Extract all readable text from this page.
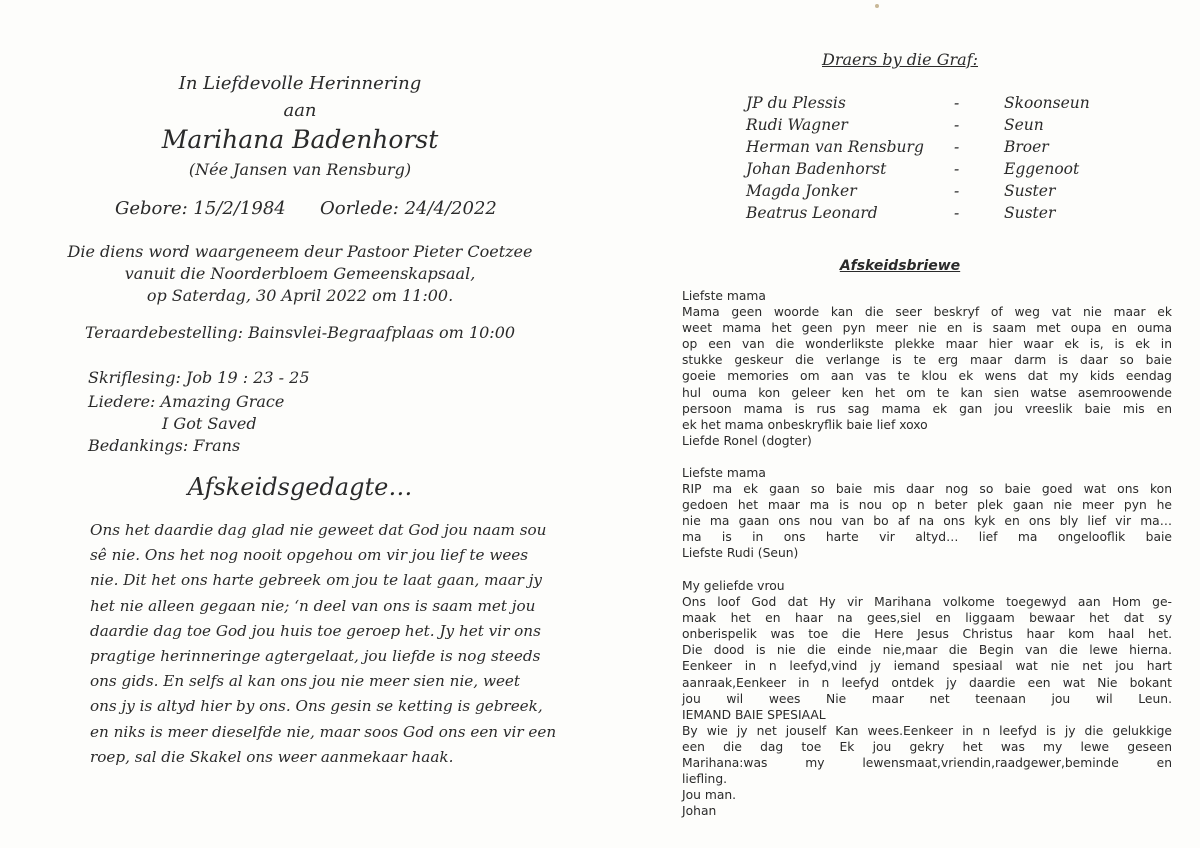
In Liefdevolle Herinnering
aan
Marihana Badenhorst
(Née Jansen van Rensburg)
Gebore: 15/2/1984 Oorlede: 24/4/2022
Die diens word waargeneem deur Pastoor Pieter Coetzee
vanuit die Noorderbloem Gemeenskapsaal,
op Saterdag, 30 April 2022 om 11:00.
Teraardebestelling: Bainsvlei-Begraafplaas om 10:00
Skriflesing: Job 19 : 23 - 25
Liedere: Amazing Grace
I Got Saved
Bedankings: Frans
Afskeidsgedagte…
Ons het daardie dag glad nie geweet dat God jou naam sou
sê nie. Ons het nog nooit opgehou om vir jou lief te wees
nie. Dit het ons harte gebreek om jou te laat gaan, maar jy
het nie alleen gegaan nie; ‘n deel van ons is saam met jou
daardie dag toe God jou huis toe geroep het. Jy het vir ons
pragtige herinneringe agtergelaat, jou liefde is nog steeds
ons gids. En selfs al kan ons jou nie meer sien nie, weet
ons jy is altyd hier by ons. Ons gesin se ketting is gebreek,
en niks is meer dieselfde nie, maar soos God ons een vir een
roep, sal die Skakel ons weer aanmekaar haak.
Draers by die Graf:
JP du Plessis	-	Skoonseun
Rudi Wagner	-	Seun
Herman van Rensburg -	Broer
Johan Badenhorst	-	Eggenoot
Magda Jonker	-	Suster
Beatrus Leonard	-	Suster
Afskeidsbriewe
Liefste mama
Mama geen woorde kan die seer beskryf of weg vat nie maar ek
weet mama het geen pyn meer nie en is saam met oupa en ouma
op een van die wonderlikste plekke maar hier waar ek is, is ek in
stukke geskeur die verlange is te erg maar darm is daar so baie
goeie memories om aan vas te klou ek wens dat my kids eendag
hul ouma kon geleer ken het om te kan sien watse asemroowende
persoon mama is rus sag mama ek gan jou vreeslik baie mis en
ek het mama onbeskryflik baie lief xoxo
Liefde Ronel (dogter)
Liefste mama
RIP ma ek gaan so baie mis daar nog so baie goed wat ons kon
gedoen het maar ma is nou op n beter plek gaan nie meer pyn he
nie ma gaan ons nou van bo af na ons kyk en ons bly lief vir ma…
ma is in ons harte vir altyd… lief ma ongelooflik baie
Liefste Rudi (Seun)
My geliefde vrou
Ons loof God dat Hy vir Marihana volkome toegewyd aan Hom ge-
maak het en haar na gees,siel en liggaam bewaar het dat sy
onberispelik was toe die Here Jesus Christus haar kom haal het.
Die dood is nie die einde nie,maar die Begin van die lewe hierna.
Eenkeer in n leefyd,vind jy iemand spesiaal wat nie net jou hart
aanraak,Eenkeer in n leefyd ontdek jy daardie een wat Nie bokant
jou wil wees Nie maar net teenaan jou wil Leun.
IEMAND BAIE SPESIAAL
By wie jy net jouself Kan wees.Eenkeer in n leefyd is jy die gelukkige
een die dag toe Ek jou gekry het was my lewe geseen
Marihana:was my lewensmaat,vriendin,raadgewer,beminde en
liefling.
Jou man.
Johan
